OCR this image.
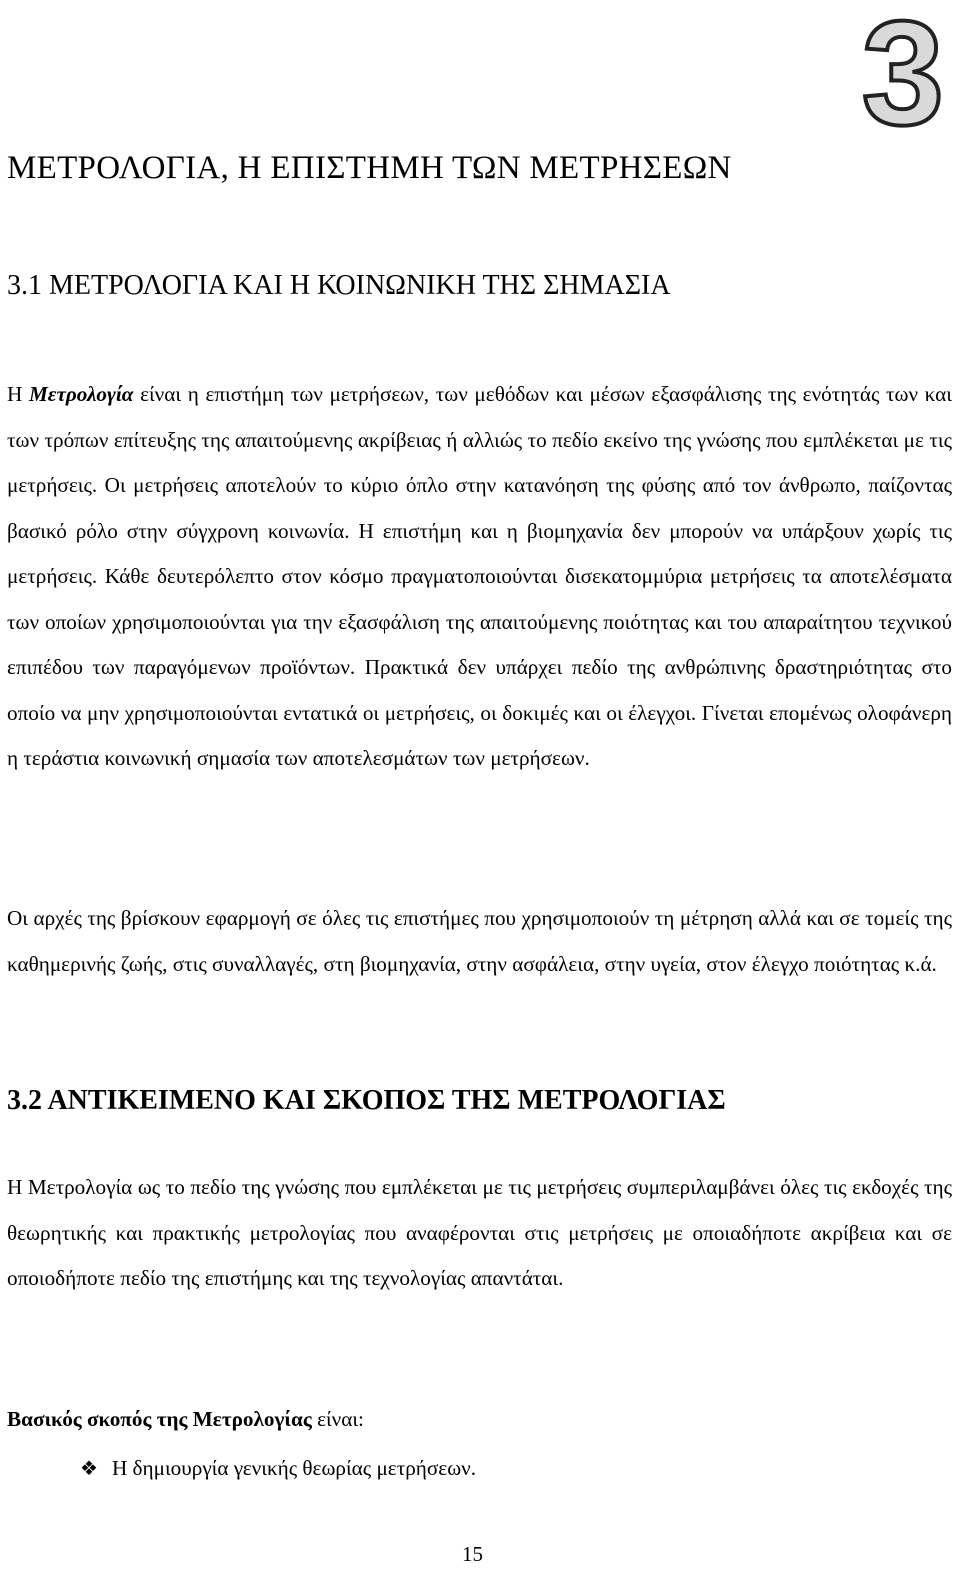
3
ΜΕΤΡΟΛΟΓΙΑ, Η ΕΠΙΣΤΗΜΗ ΤΩΝ ΜΕΤΡΗΣΕΩΝ
3.1 ΜΕΤΡΟΛΟΓΙΑ ΚΑΙ Η ΚΟΙΝΩΝΙΚΗ ΤΗΣ ΣΗΜΑΣΙΑ

Η Μετρολογία είναι η επιστήμη των μετρήσεων, των μεθόδων και μέσων εξασφάλισης της ενότητάς των και των τρόπων επίτευξης της απαιτούμενης ακρίβειας ή αλλιώς το πεδίο εκείνο της γνώσης που εμπλέκεται με τις μετρήσεις. Οι μετρήσεις αποτελούν το κύριο όπλο στην κατανόηση της φύσης από τον άνθρωπο, παίζοντας βασικό ρόλο στην σύγχρονη κοινωνία. Η επιστήμη και η βιομηχανία δεν μπορούν να υπάρξουν χωρίς τις μετρήσεις. Κάθε δευτερόλεπτο στον κόσμο πραγματοποιούνται δισεκατομμύρια μετρήσεις τα αποτελέσματα των οποίων χρησιμοποιούνται για την εξασφάλιση της απαιτούμενης ποιότητας και του απαραίτητου τεχνικού επιπέδου των παραγόμενων προϊόντων. Πρακτικά δεν υπάρχει πεδίο της ανθρώπινης δραστηριότητας στο οποίο να μην χρησιμοποιούνται εντατικά οι μετρήσεις, οι δοκιμές και οι έλεγχοι. Γίνεται επομένως ολοφάνερη η τεράστια κοινωνική σημασία των αποτελεσμάτων των μετρήσεων.

Οι αρχές της βρίσκουν εφαρμογή σε όλες τις επιστήμες που χρησιμοποιούν τη μέτρηση αλλά και σε τομείς της καθημερινής ζωής, στις συναλλαγές, στη βιομηχανία, στην ασφάλεια, στην υγεία, στον έλεγχο ποιότητας κ.ά.

3.2 ΑΝΤΙΚΕΙΜΕΝΟ ΚΑΙ ΣΚΟΠΟΣ ΤΗΣ ΜΕΤΡΟΛΟΓΙΑΣ

Η Μετρολογία ως το πεδίο της γνώσης που εμπλέκεται με τις μετρήσεις συμπεριλαμβάνει όλες τις εκδοχές της θεωρητικής και πρακτικής μετρολογίας που αναφέρονται στις μετρήσεις με οποιαδήποτε ακρίβεια και σε οποιοδήποτε πεδίο της επιστήμης και της τεχνολογίας απαντάται.

Βασικός σκοπός της Μετρολογίας είναι:

❖ Η δημιουργία γενικής θεωρίας μετρήσεων.
15
